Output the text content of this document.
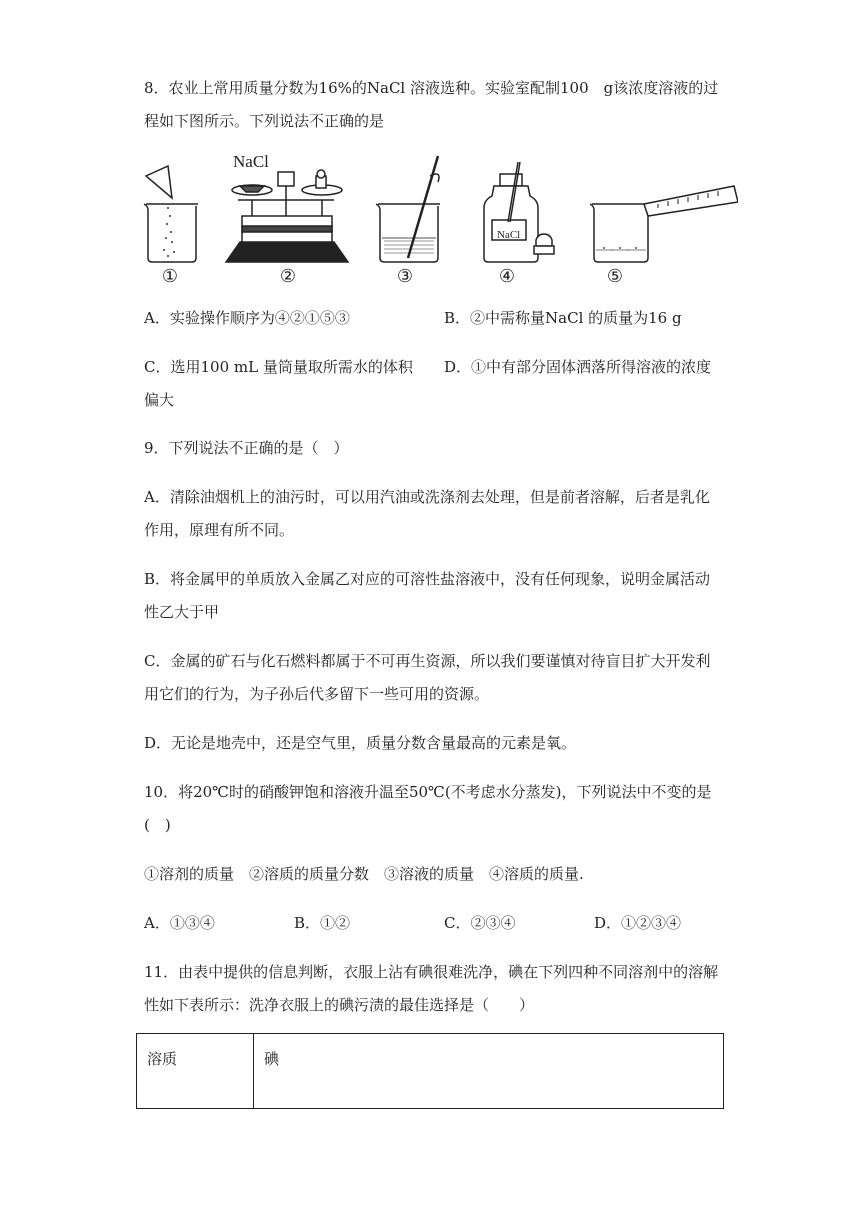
8．农业上常用质量分数为16%的NaCl 溶液选种。实验室配制100　g该浓度溶液的过
程如下图所示。下列说法不正确的是
NaCl
NaCl
①	②	③	④	⑤
A．实验操作顺序为④②①⑤③	B．②中需称量NaCl 的质量为16 g
C．选用100 mL 量筒量取所需水的体积 D．①中有部分固体洒落所得溶液的浓度
偏大
9．下列说法不正确的是（　）
A．清除油烟机上的油污时，可以用汽油或洗涤剂去处理，但是前者溶解，后者是乳化
作用，原理有所不同。
B．将金属甲的单质放入金属乙对应的可溶性盐溶液中，没有任何现象，说明金属活动
性乙大于甲
C．金属的矿石与化石燃料都属于不可再生资源，所以我们要谨慎对待盲目扩大开发利
用它们的行为，为子孙后代多留下一些可用的资源。
D．无论是地壳中，还是空气里，质量分数含量最高的元素是氧。
10．将20℃时的硝酸钾饱和溶液升温至50℃(不考虑水分蒸发)，下列说法中不变的是
(　)
①溶剂的质量　②溶质的质量分数　③溶液的质量　④溶质的质量.
A．①③④	B．①②	C．②③④	D．①②③④
11．由表中提供的信息判断，衣服上沾有碘很难洗净，碘在下列四种不同溶剂中的溶解
性如下表所示：洗净衣服上的碘污渍的最佳选择是（　　）
溶质	碘
